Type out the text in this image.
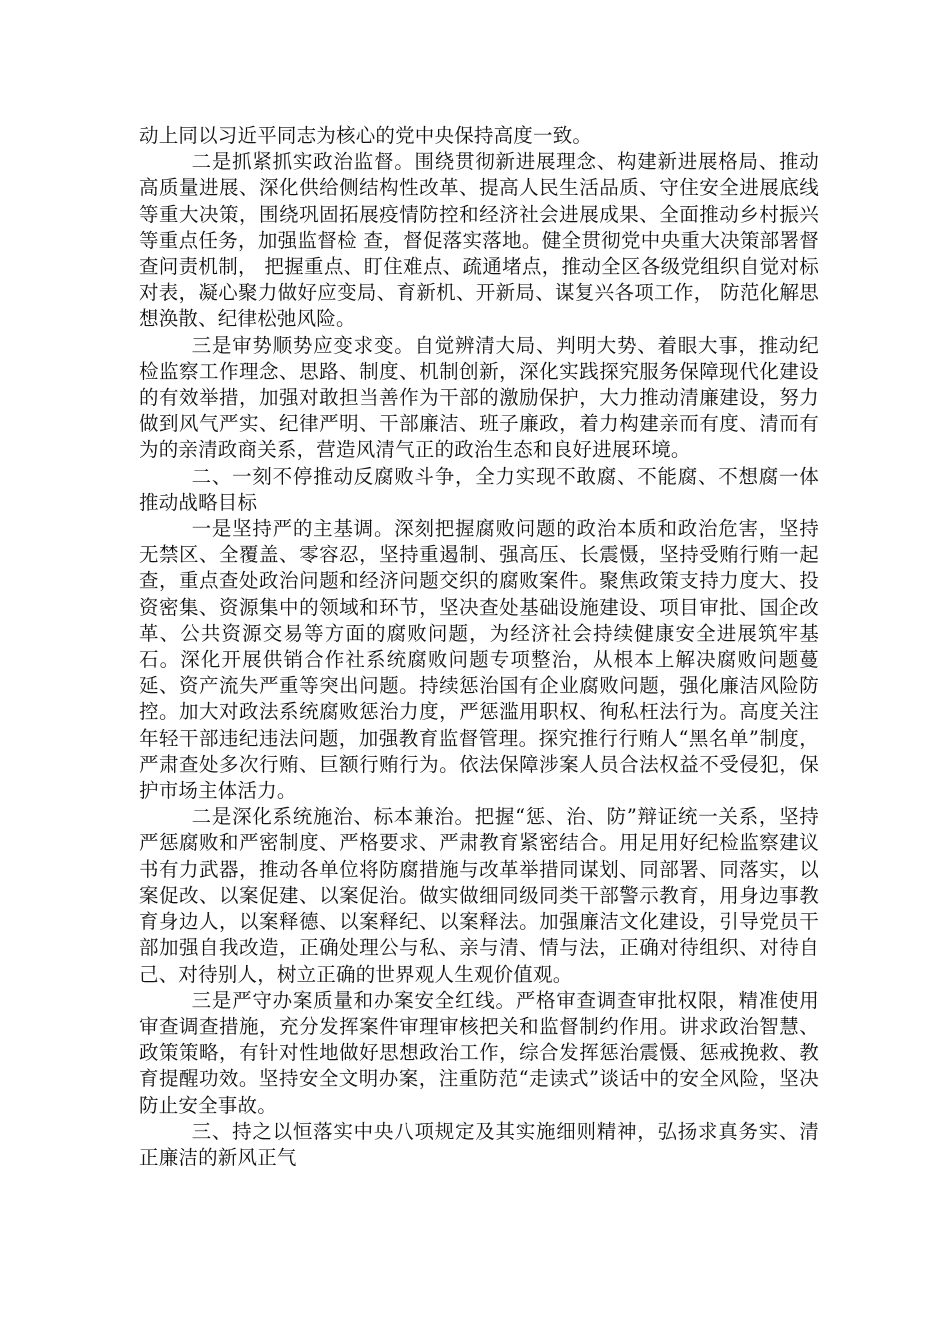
动上同以习近平同志为核心的党中央保持高度一致。

二是抓紧抓实政治监督。围绕贯彻新进展理念、构建新进展格局、推动高质量进展、深化供给侧结构性改革、提高人民生活品质、守住安全进展底线等重大决策，围绕巩固拓展疫情防控和经济社会进展成果、全面推动乡村振兴等重点任务，加强监督检 查，督促落实落地。健全贯彻党中央重大决策部署督查问责机制， 把握重点、盯住难点、疏通堵点，推动全区各级党组织自觉对标 对表，凝心聚力做好应变局、育新机、开新局、谋复兴各项工作， 防范化解思想涣散、纪律松弛风险。

三是审势顺势应变求变。自觉辨清大局、判明大势、着眼大事，推动纪检监察工作理念、思路、制度、机制创新，深化实践探究服务保障现代化建设的有效举措，加强对敢担当善作为干部的激励保护，大力推动清廉建设，努力做到风气严实、纪律严明、干部廉洁、班子廉政，着力构建亲而有度、清而有为的亲清政商关系，营造风清气正的政治生态和良好进展环境。

二、一刻不停推动反腐败斗争，全力实现不敢腐、不能腐、不想腐一体推动战略目标

一是坚持严的主基调。深刻把握腐败问题的政治本质和政治危害，坚持无禁区、全覆盖、零容忍，坚持重遏制、强高压、长震慑，坚持受贿行贿一起查，重点查处政治问题和经济问题交织的腐败案件。聚焦政策支持力度大、投资密集、资源集中的领域和环节，坚决查处基础设施建设、项目审批、国企改革、公共资源交易等方面的腐败问题，为经济社会持续健康安全进展筑牢基石。深化开展供销合作社系统腐败问题专项整治，从根本上解决腐败问题蔓延、资产流失严重等突出问题。持续惩治国有企业腐败问题，强化廉洁风险防控。加大对政法系统腐败惩治力度，严惩滥用职权、徇私枉法行为。高度关注年轻干部违纪违法问题，加强教育监督管理。探究推行行贿人“黑名单”制度，严肃查处多次行贿、巨额行贿行为。依法保障涉案人员合法权益不受侵犯，保护市场主体活力。

二是深化系统施治、标本兼治。把握“惩、治、防”辩证统一关系，坚持严惩腐败和严密制度、严格要求、严肃教育紧密结合。用足用好纪检监察建议书有力武器，推动各单位将防腐措施与改革举措同谋划、同部署、同落实，以案促改、以案促建、以案促治。做实做细同级同类干部警示教育，用身边事教育身边人，以案释德、以案释纪、以案释法。加强廉洁文化建设，引导党员干部加强自我改造，正确处理公与私、亲与清、情与法，正确对待组织、对待自己、对待别人，树立正确的世界观人生观价值观。

三是严守办案质量和办案安全红线。严格审查调查审批权限，精准使用审查调查措施，充分发挥案件审理审核把关和监督制约作用。讲求政治智慧、政策策略，有针对性地做好思想政治工作，综合发挥惩治震慑、惩戒挽救、教育提醒功效。坚持安全文明办案，注重防范“走读式”谈话中的安全风险，坚决防止安全事故。

三、持之以恒落实中央八项规定及其实施细则精神，弘扬求真务实、清正廉洁的新风正气
